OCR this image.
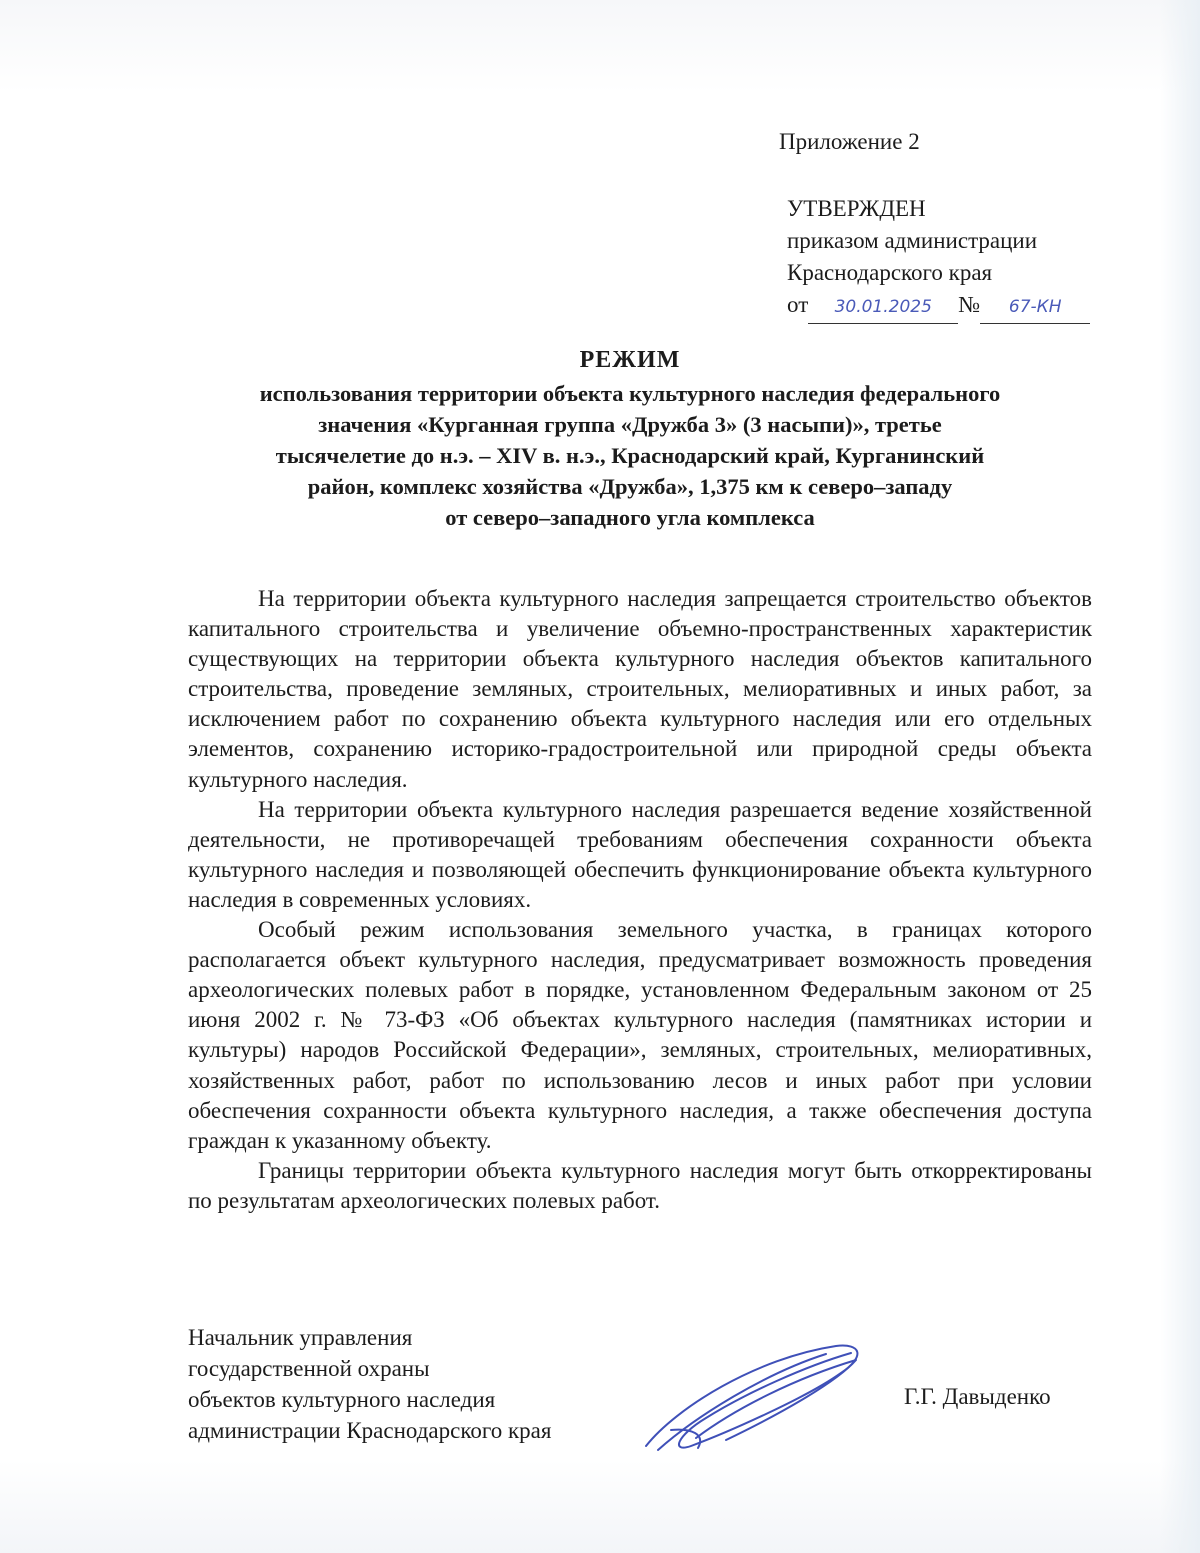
Приложение 2
УТВЕРЖДЕН
приказом администрации
Краснодарского края
от 30.01.2025 № 67-КН
РЕЖИМ
использования территории объекта культурного наследия федерального
значения «Курганная группа «Дружба 3» (3 насыпи)», третье
тысячелетие до н.э. – XIV в. н.э., Краснодарский край, Курганинский
район, комплекс хозяйства «Дружба», 1,375 км к северо–западу
от северо–западного угла комплекса

На территории объекта культурного наследия запрещается строительство объектов капитального строительства и увеличение объемно-пространственных характеристик существующих на территории объекта культурного наследия объектов капитального строительства, проведение земляных, строительных, мелиоративных и иных работ, за исключением работ по сохранению объекта культурного наследия или его отдельных элементов, сохранению историко-градостроительной или природной среды объекта культурного наследия.

На территории объекта культурного наследия разрешается ведение хозяйственной деятельности, не противоречащей требованиям обеспечения сохранности объекта культурного наследия и позволяющей обеспечить функционирование объекта культурного наследия в современных условиях.

Особый режим использования земельного участка, в границах которого располагается объект культурного наследия, предусматривает возможность проведения археологических полевых работ в порядке, установленном Федеральным законом от 25 июня 2002 г. № 73-ФЗ «Об объектах культурного наследия (памятниках истории и культуры) народов Российской Федерации», земляных, строительных, мелиоративных, хозяйственных работ, работ по использованию лесов и иных работ при условии обеспечения сохранности объекта культурного наследия, а также обеспечения доступа граждан к указанному объекту.

Границы территории объекта культурного наследия могут быть откорректированы по результатам археологических полевых работ.

Начальник управления
государственной охраны
объектов культурного наследия
администрации Краснодарского края
Г.Г. Давыденко
